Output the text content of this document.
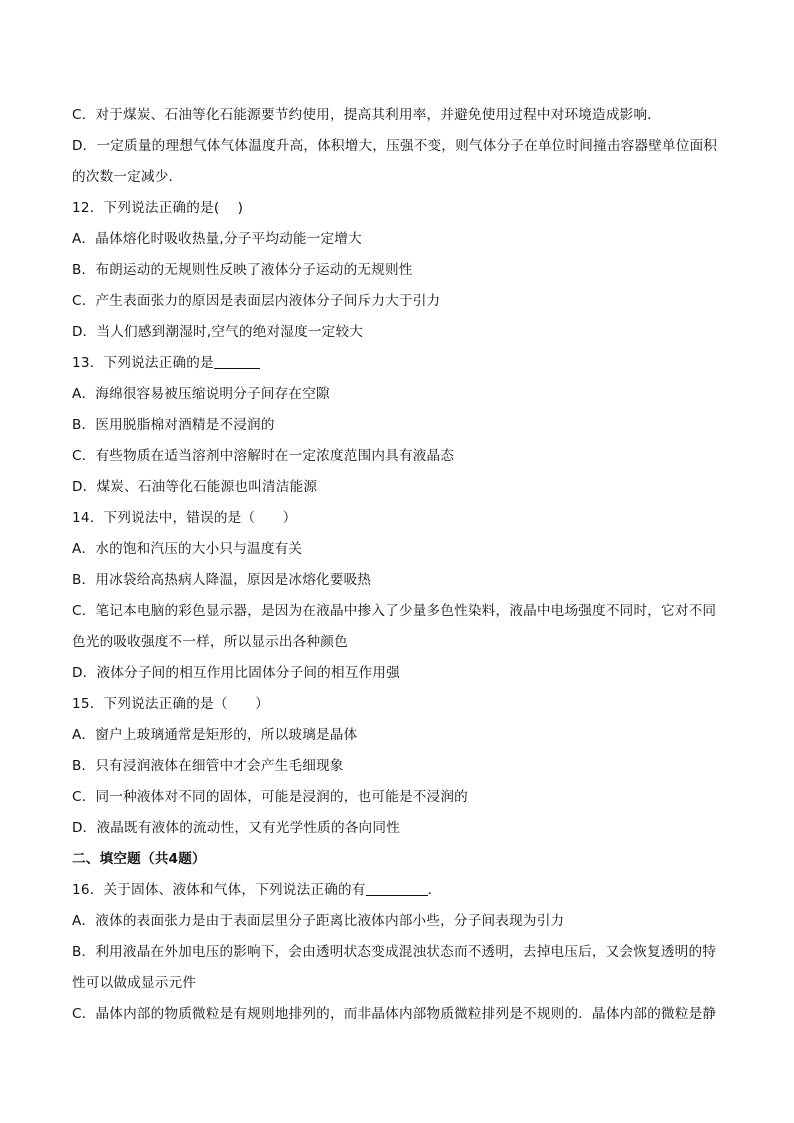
C．对于煤炭、石油等化石能源要节约使用，提高其利用率，并避免使用过程中对环境造成影响．
D．一定质量的理想气体气体温度升高，体积增大，压强不变，则气体分子在单位时间撞击容器壁单位面积
的次数一定减少．
12．下列说法正确的是(　 )
A．晶体熔化时吸收热量,分子平均动能一定增大
B．布朗运动的无规则性反映了液体分子运动的无规则性
C．产生表面张力的原因是表面层内液体分子间斥力大于引力
D．当人们感到潮湿时,空气的绝对湿度一定较大
13．下列说法正确的是
A．海绵很容易被压缩说明分子间存在空隙
B．医用脱脂棉对酒精是不浸润的
C．有些物质在适当溶剂中溶解时在一定浓度范围内具有液晶态
D．煤炭、石油等化石能源也叫清洁能源
14．下列说法中，错误的是（　　）
A．水的饱和汽压的大小只与温度有关
B．用冰袋给高热病人降温，原因是冰熔化要吸热
C．笔记本电脑的彩色显示器，是因为在液晶中掺入了少量多色性染料，液晶中电场强度不同时，它对不同
色光的吸收强度不一样，所以显示出各种颜色
D．液体分子间的相互作用比固体分子间的相互作用强
15．下列说法正确的是（　　）
A．窗户上玻璃通常是矩形的，所以玻璃是晶体
B．只有浸润液体在细管中才会产生毛细现象
C．同一种液体对不同的固体，可能是浸润的，也可能是不浸润的
D．液晶既有液体的流动性，又有光学性质的各向同性
二、填空题（共4题）
16．关于固体、液体和气体，下列说法正确的有	．
A．液体的表面张力是由于表面层里分子距离比液体内部小些，分子间表现为引力
B．利用液晶在外加电压的影响下，会由透明状态变成混浊状态而不透明，去掉电压后，又会恢复透明的特
性可以做成显示元件
C．晶体内部的物质微粒是有规则地排列的，而非晶体内部物质微粒排列是不规则的．晶体内部的微粒是静
